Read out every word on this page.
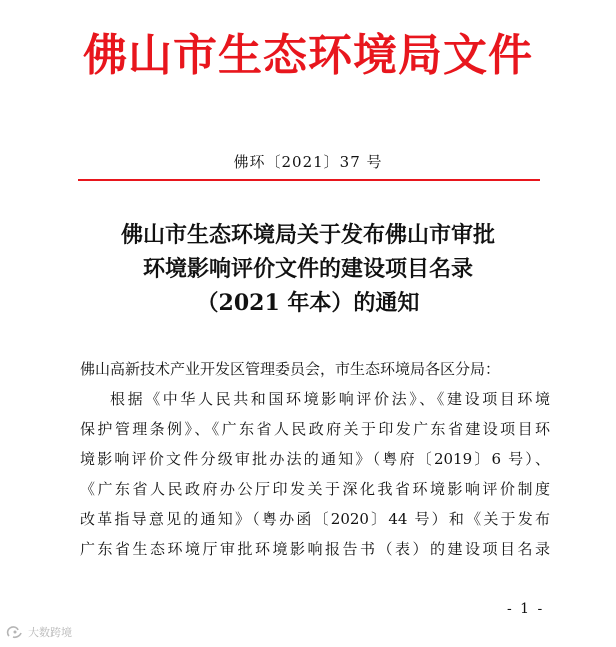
佛山市生态环境局文件
佛环〔2021〕37 号
佛山市生态环境局关于发布佛山市审批
环境影响评价文件的建设项目名录
（2021 年本）的通知
佛山高新技术产业开发区管理委员会，市生态环境局各区分局：
根据《中华人民共和国环境影响评价法》、《建设项目环境
保护管理条例》、《广东省人民政府关于印发广东省建设项目环
境影响评价文件分级审批办法的通知》（粤府〔2019〕6 号）、
《广东省人民政府办公厅印发关于深化我省环境影响评价制度
改革指导意见的通知》（粤办函〔2020〕44 号）和《关于发布
广东省生态环境厅审批环境影响报告书（表）的建设项目名录
- 1 -
大数跨境
